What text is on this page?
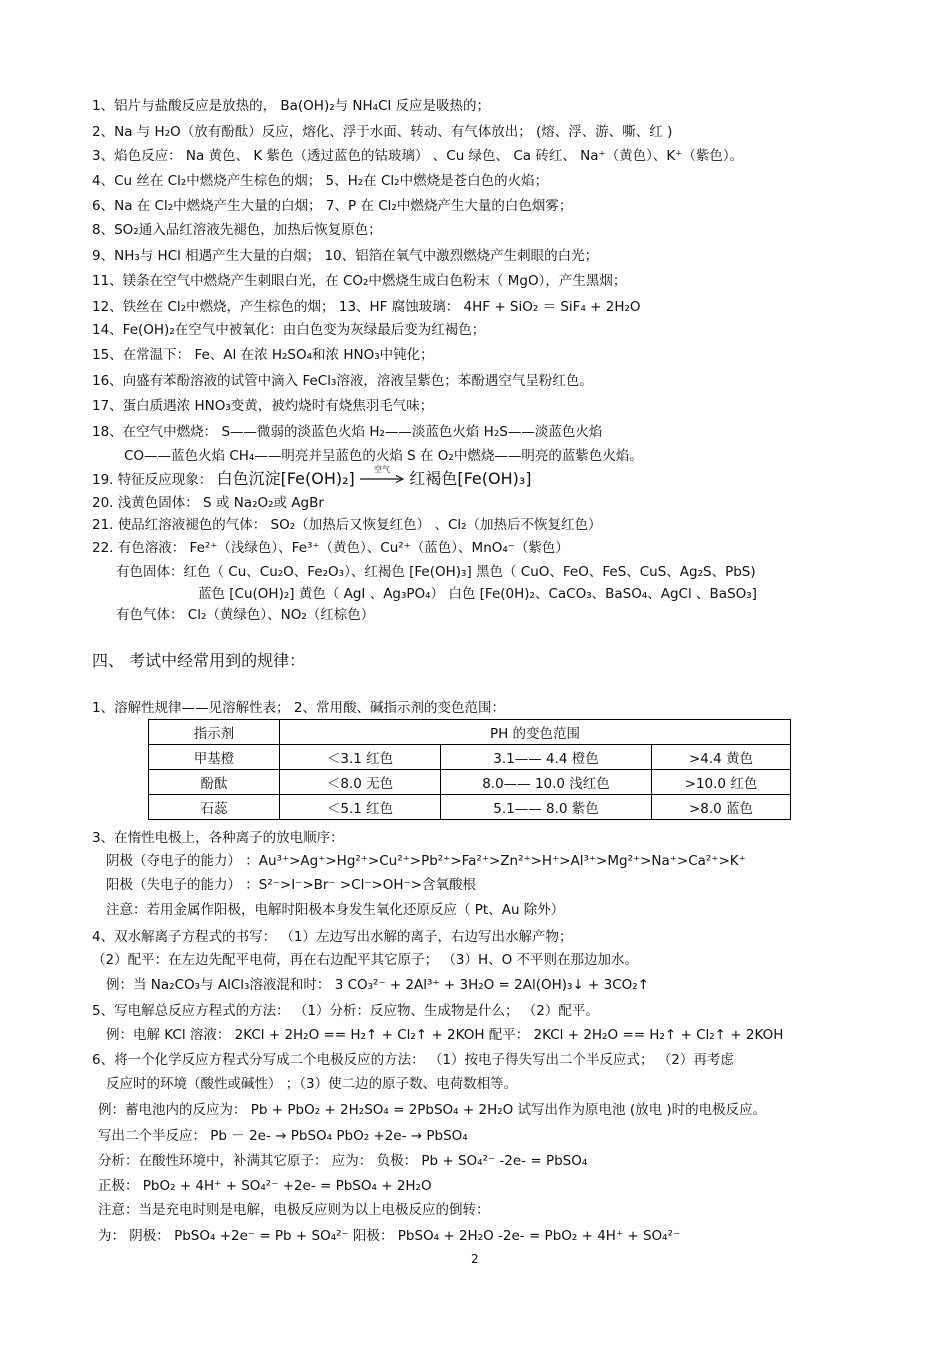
1、铝片与盐酸反应是放热的， Ba(OH)₂与 NH₄Cl 反应是吸热的；
2、Na 与 H₂O（放有酚酞）反应，熔化、浮于水面、转动、有气体放出； (熔、浮、游、嘶、红 )
3、焰色反应： Na 黄色、 K 紫色（透过蓝色的钴玻璃） 、Cu 绿色、 Ca 砖红、 Na⁺（黄色）、K⁺（紫色）。
4、Cu 丝在 Cl₂中燃烧产生棕色的烟； 5、H₂在 Cl₂中燃烧是苍白色的火焰；
6、Na 在 Cl₂中燃烧产生大量的白烟； 7、P 在 Cl₂中燃烧产生大量的白色烟雾；
8、SO₂通入品红溶液先褪色，加热后恢复原色；
9、NH₃与 HCl 相遇产生大量的白烟； 10、铝箔在氧气中激烈燃烧产生刺眼的白光；
11、镁条在空气中燃烧产生刺眼白光，在 CO₂中燃烧生成白色粉末（ MgO），产生黑烟；
12、铁丝在 Cl₂中燃烧，产生棕色的烟； 13、HF 腐蚀玻璃： 4HF + SiO₂ ＝ SiF₄ + 2H₂O
14、Fe(OH)₂在空气中被氧化：由白色变为灰绿最后变为红褐色；
15、在常温下： Fe、Al 在浓 H₂SO₄和浓 HNO₃中钝化；
16、向盛有苯酚溶液的试管中滴入 FeCl₃溶液，溶液呈紫色；苯酚遇空气呈粉红色。
17、蛋白质遇浓 HNO₃变黄，被灼烧时有烧焦羽毛气味；
18、在空气中燃烧： S——微弱的淡蓝色火焰 H₂——淡蓝色火焰 H₂S——淡蓝色火焰
CO——蓝色火焰 CH₄——明亮并呈蓝色的火焰 S 在 O₂中燃烧——明亮的蓝紫色火焰。
19. 特征反应现象： 白色沉淀[Fe(OH)₂]	空气	红褐色[Fe(OH)₃]
20. 浅黄色固体： S 或 Na₂O₂或 AgBr
21. 使品红溶液褪色的气体： SO₂（加热后又恢复红色） 、Cl₂（加热后不恢复红色）
22. 有色溶液： Fe²⁺（浅绿色）、Fe³⁺（黄色）、Cu²⁺（蓝色）、MnO₄⁻（紫色）
有色固体：红色（ Cu、Cu₂O、Fe₂O₃）、红褐色 [Fe(OH)₃] 黑色（ CuO、FeO、FeS、CuS、Ag₂S、PbS)
蓝色 [Cu(OH)₂] 黄色（ AgI 、Ag₃PO₄） 白色 [Fe(0H)₂、CaCO₃、BaSO₄、AgCl 、BaSO₃]
有色气体： Cl₂（黄绿色）、NO₂（红棕色）
四、 考试中经常用到的规律：
1、溶解性规律——见溶解性表； 2、常用酸、碱指示剂的变色范围：
指示剂	PH 的变色范围		
甲基橙	＜3.1 红色	3.1—— 4.4 橙色	>4.4 黄色
酚酞	＜8.0 无色	8.0—— 10.0 浅红色	>10.0 红色
石蕊	＜5.1 红色	5.1—— 8.0 紫色	>8.0 蓝色
3、在惰性电极上，各种离子的放电顺序：
阴极（夺电子的能力） ：Au³⁺>Ag⁺>Hg²⁺>Cu²⁺>Pb²⁺>Fa²⁺>Zn²⁺>H⁺>Al³⁺>Mg²⁺>Na⁺>Ca²⁺>K⁺
阳极（失电子的能力） ：S²⁻>I⁻>Br⁻ >Cl⁻>OH⁻>含氧酸根
注意：若用金属作阳极，电解时阳极本身发生氧化还原反应（ Pt、Au 除外）
4、双水解离子方程式的书写： （1）左边写出水解的离子，右边写出水解产物；
（2）配平：在左边先配平电荷，再在右边配平其它原子； （3）H、O 不平则在那边加水。
例：当 Na₂CO₃与 AlCl₃溶液混和时： 3 CO₃²⁻ + 2Al³⁺ + 3H₂O = 2Al(OH)₃↓ + 3CO₂↑
5、写电解总反应方程式的方法： （1）分析：反应物、生成物是什么； （2）配平。
例：电解 KCl 溶液： 2KCl + 2H₂O == H₂↑ + Cl₂↑ + 2KOH 配平： 2KCl + 2H₂O == H₂↑ + Cl₂↑ + 2KOH
6、将一个化学反应方程式分写成二个电极反应的方法： （1）按电子得失写出二个半反应式； （2）再考虑
反应时的环境（酸性或碱性） ；（3）使二边的原子数、电荷数相等。
例：蓄电池内的反应为： Pb + PbO₂ + 2H₂SO₄ = 2PbSO₄ + 2H₂O 试写出作为原电池 (放电 )时的电极反应。
写出二个半反应： Pb － 2e- → PbSO₄ PbO₂ +2e- → PbSO₄
分析：在酸性环境中，补满其它原子： 应为： 负极： Pb + SO₄²⁻ -2e- = PbSO₄
正极： PbO₂ + 4H⁺ + SO₄²⁻ +2e- = PbSO₄ + 2H₂O
注意：当是充电时则是电解，电极反应则为以上电极反应的倒转：
为： 阴极： PbSO₄ +2e⁻ = Pb + SO₄²⁻ 阳极： PbSO₄ + 2H₂O -2e- = PbO₂ + 4H⁺ + SO₄²⁻
2
